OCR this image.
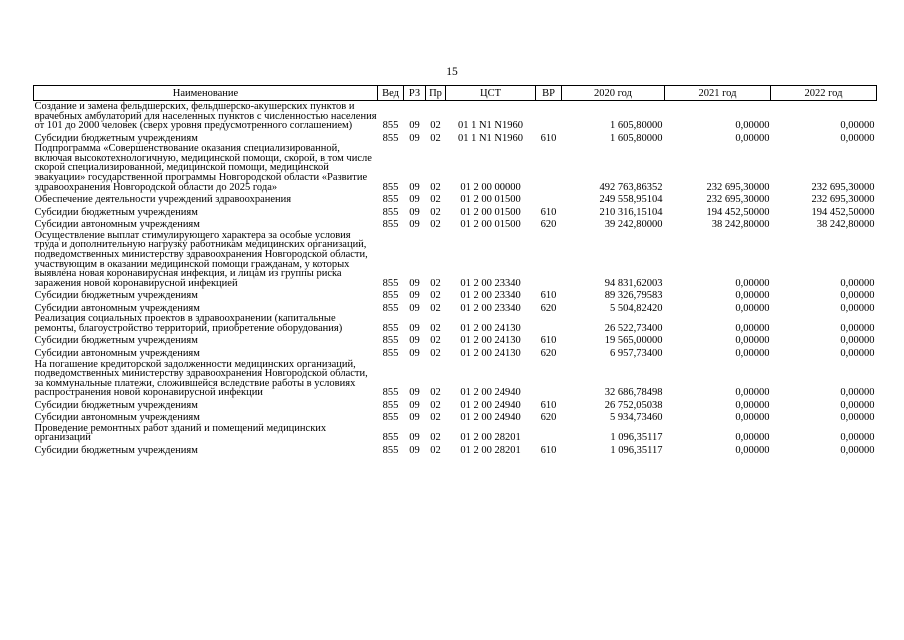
15
Наименование	Вед	РЗ	Пр	ЦСТ	ВР	2020 год	2021 год	2022 год
Создание и замена фельдшерских, фельдшерско-акушерских пунктов и врачебных амбулаторий для населенных пунктов с численностью населения от 101 до 2000 человек (сверх уровня предусмотренного соглашением)	855	09	02	01 1 N1 N1960		1 605,80000	0,00000	0,00000
Субсидии бюджетным учреждениям	855	09	02	01 1 N1 N1960	610	1 605,80000	0,00000	0,00000
Подпрограмма «Совершенствование оказания специализированной, включая высокотехнологичную, медицинской помощи, скорой, в том числе скорой специализированной, медицинской помощи, медицинской эвакуации» государственной программы Новгородской области «Развитие здравоохранения Новгородской области до 2025 года»	855	09	02	01 2 00 00000		492 763,86352	232 695,30000	232 695,30000
Обеспечение деятельности учреждений здравоохранения	855	09	02	01 2 00 01500		249 558,95104	232 695,30000	232 695,30000
Субсидии бюджетным учреждениям	855	09	02	01 2 00 01500	610	210 316,15104	194 452,50000	194 452,50000
Субсидии автономным учреждениям	855	09	02	01 2 00 01500	620	39 242,80000	38 242,80000	38 242,80000
Осуществление выплат стимулирующего характера за особые условия труда и дополнительную нагрузку работникам медицинских организаций, подведомственных министерству здравоохранения Новгородской области, участвующим в оказании медицинской помощи гражданам, у которых выявлена новая коронавирусная инфекция, и лицам из группы риска заражения новой коронавирусной инфекцией	855	09	02	01 2 00 23340		94 831,62003	0,00000	0,00000
Субсидии бюджетным учреждениям	855	09	02	01 2 00 23340	610	89 326,79583	0,00000	0,00000
Субсидии автономным учреждениям	855	09	02	01 2 00 23340	620	5 504,82420	0,00000	0,00000
Реализация социальных проектов в здравоохранении (капитальные ремонты, благоустройство территорий, приобретение оборудования)	855	09	02	01 2 00 24130		26 522,73400	0,00000	0,00000
Субсидии бюджетным учреждениям	855	09	02	01 2 00 24130	610	19 565,00000	0,00000	0,00000
Субсидии автономным учреждениям	855	09	02	01 2 00 24130	620	6 957,73400	0,00000	0,00000
На погашение кредиторской задолженности медицинских организаций, подведомственных министерству здравоохранения Новгородской области, за коммунальные платежи, сложившейся вследствие работы в условиях распространения новой коронавирусной инфекции	855	09	02	01 2 00 24940		32 686,78498	0,00000	0,00000
Субсидии бюджетным учреждениям	855	09	02	01 2 00 24940	610	26 752,05038	0,00000	0,00000
Субсидии автономным учреждениям	855	09	02	01 2 00 24940	620	5 934,73460	0,00000	0,00000
Проведение ремонтных работ зданий и помещений медицинских организаций	855	09	02	01 2 00 28201		1 096,35117	0,00000	0,00000
Субсидии бюджетным учреждениям	855	09	02	01 2 00 28201	610	1 096,35117	0,00000	0,00000
